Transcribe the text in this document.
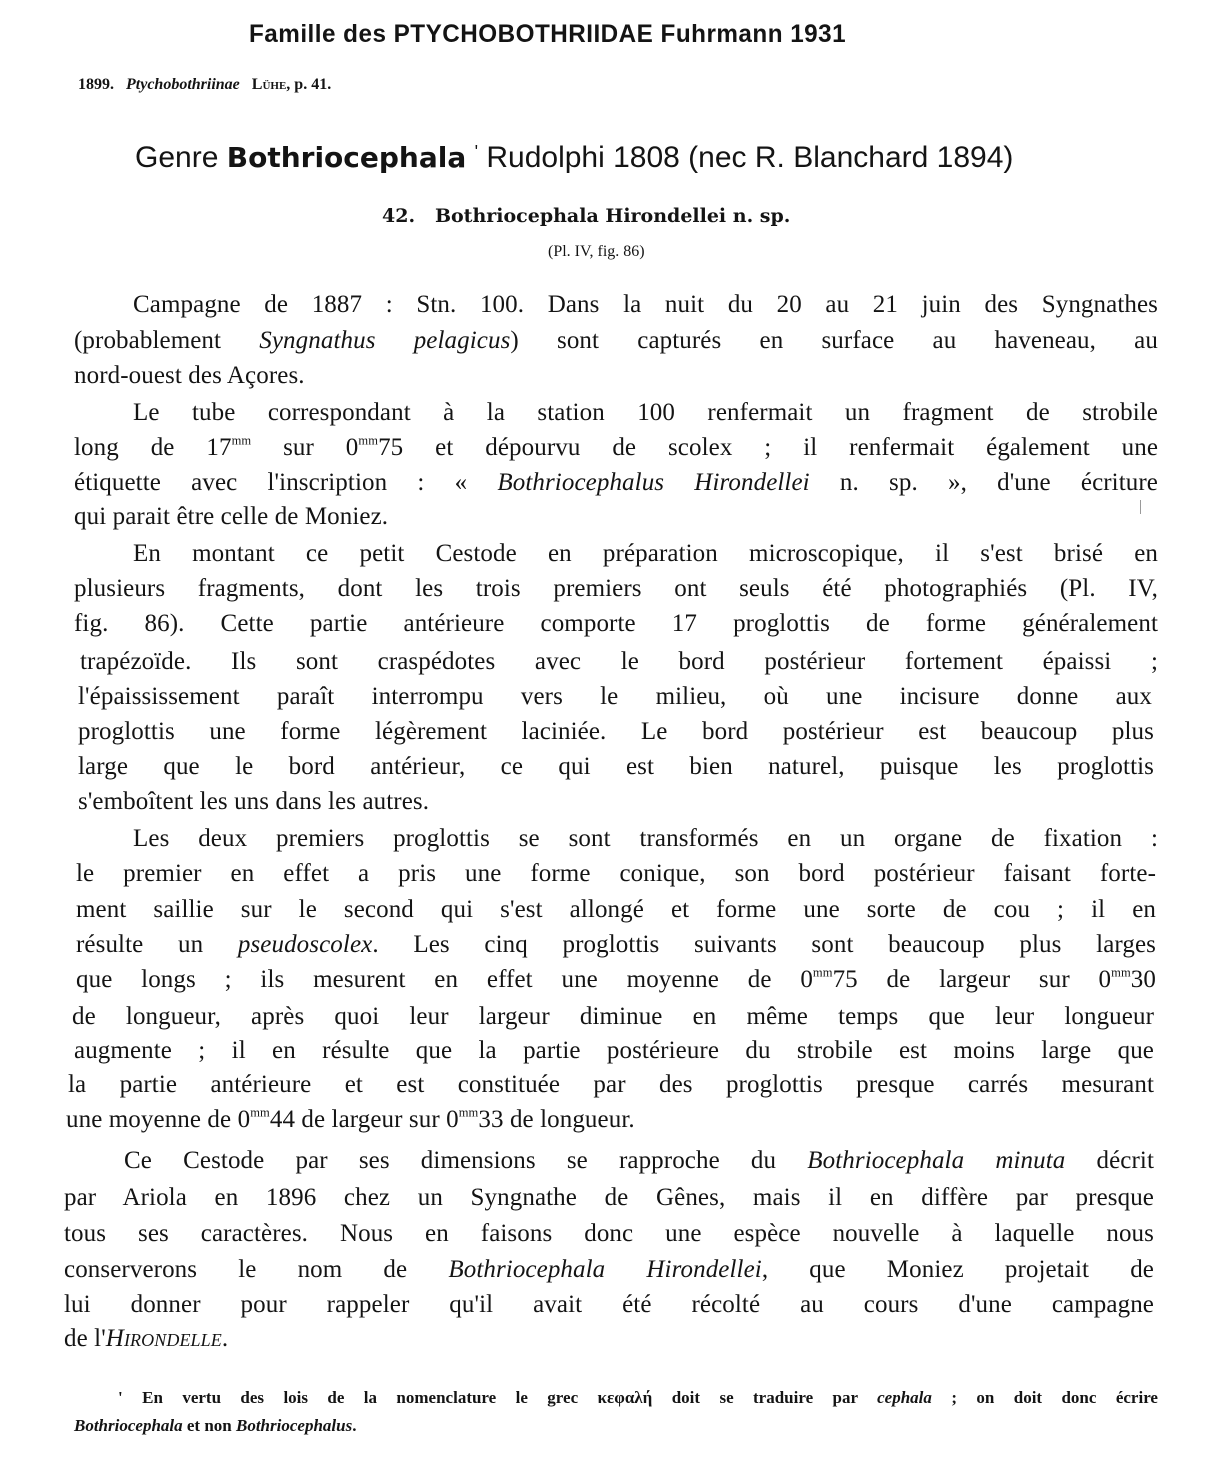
Famille des PTYCHOBOTHRIIDAE Fuhrmann 1931
1899. Ptychobothriinae Lühe, p. 41.
Genre Bothriocephala ' Rudolphi 1808 (nec R. Blanchard 1894)
42. Bothriocephala Hirondellei n. sp.
(Pl. IV, fig. 86)
Campagne de 1887 : Stn. 100. Dans la nuit du 20 au 21 juin des Syngnathes
(probablement Syngnathus pelagicus) sont capturés en surface au haveneau, au
nord-ouest des Açores.
Le tube correspondant à la station 100 renfermait un fragment de strobile
long de $17^{mm}$ sur $0^{mm}75$ et dépourvu de scolex ; il renfermait également une
étiquette avec l'inscription : « Bothriocephalus Hirondellei n. sp. », d'une écriture
qui parait être celle de Moniez.
En montant ce petit Cestode en préparation microscopique, il s'est brisé en
plusieurs fragments, dont les trois premiers ont seuls été photographiés (Pl. IV,
fig. 86). Cette partie antérieure comporte 17 proglottis de forme généralement
trapézoïde. Ils sont craspédotes avec le bord postérieur fortement épaissi ;
l'épaississement paraît interrompu vers le milieu, où une incisure donne aux
proglottis une forme légèrement laciniée. Le bord postérieur est beaucoup plus
large que le bord antérieur, ce qui est bien naturel, puisque les proglottis
s'emboîtent les uns dans les autres.
Les deux premiers proglottis se sont transformés en un organe de fixation :
le premier en effet a pris une forme conique, son bord postérieur faisant forte-
ment saillie sur le second qui s'est allongé et forme une sorte de cou ; il en
résulte un pseudoscolex. Les cinq proglottis suivants sont beaucoup plus larges
que longs ; ils mesurent en effet une moyenne de $0^{mm}75$ de largeur sur $0^{mm}30$
de longueur, après quoi leur largeur diminue en même temps que leur longueur
augmente ; il en résulte que la partie postérieure du strobile est moins large que
la partie antérieure et est constituée par des proglottis presque carrés mesurant
une moyenne de $0^{mm}44$ de largeur sur $0^{mm}33$ de longueur.
Ce Cestode par ses dimensions se rapproche du Bothriocephala minuta décrit
par Ariola en 1896 chez un Syngnathe de Gênes, mais il en diffère par presque
tous ses caractères. Nous en faisons donc une espèce nouvelle à laquelle nous
conserverons le nom de Bothriocephala Hirondellei, que Moniez projetait de
lui donner pour rappeler qu'il avait été récolté au cours d'une campagne
de l'Hirondelle.
' En vertu des lois de la nomenclature le grec κεφαλή doit se traduire par cephala ; on doit donc écrire
Bothriocephala et non Bothriocephalus.
